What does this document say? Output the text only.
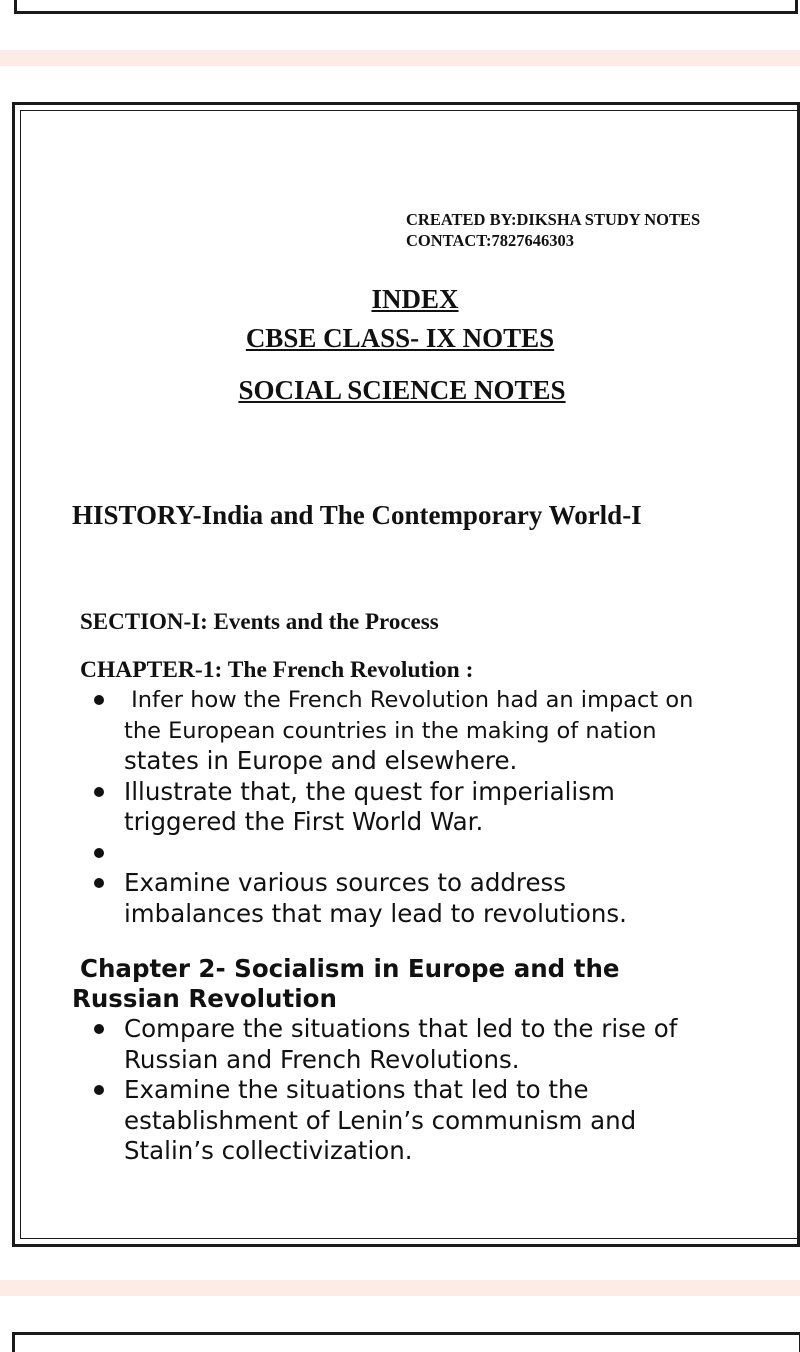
CREATED BY:DIKSHA STUDY NOTES
CONTACT:7827646303
INDEX
CBSE CLASS- IX NOTES
SOCIAL SCIENCE NOTES
HISTORY-India and The Contemporary World-I
SECTION-I: Events and the Process
CHAPTER-1: The French Revolution :
Infer how the French Revolution had an impact on
the European countries in the making of nation
states in Europe and elsewhere.
Illustrate that, the quest for imperialism
triggered the First World War.
Examine various sources to address
imbalances that may lead to revolutions.
Chapter 2- Socialism in Europe and the
Russian Revolution
Compare the situations that led to the rise of
Russian and French Revolutions.
Examine the situations that led to the
establishment of Lenin’s communism and
Stalin’s collectivization.
